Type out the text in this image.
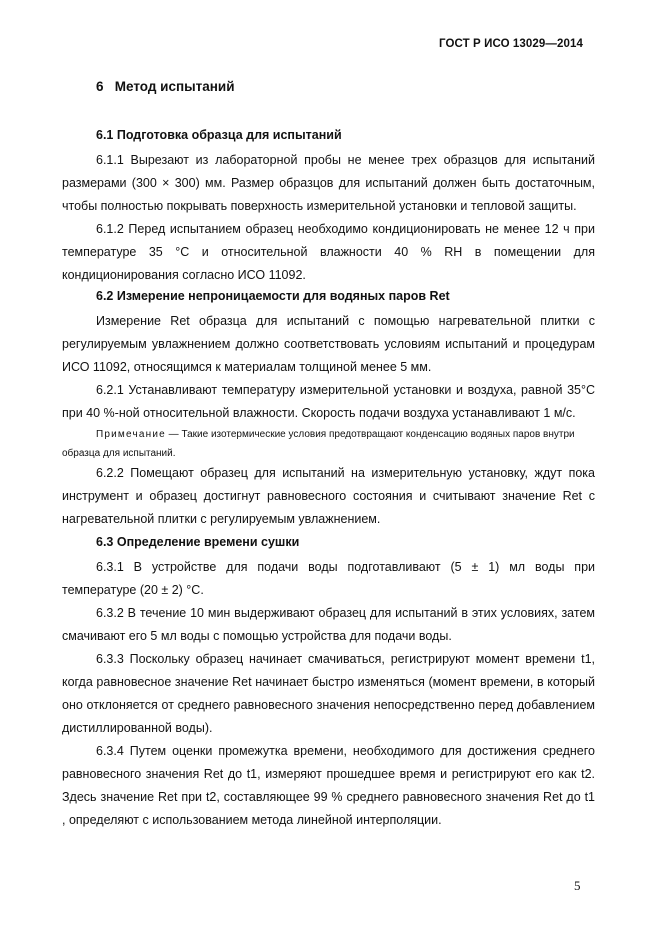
ГОСТ Р ИСО 13029—2014
6   Метод испытаний
6.1 Подготовка образца для испытаний

6.1.1 Вырезают из лабораторной пробы не менее трех образцов для испытаний размерами (300 × 300) мм. Размер образцов для испытаний должен быть достаточным, чтобы полностью покрывать поверхность измерительной установки и тепловой защиты.

6.1.2 Перед испытанием образец необходимо кондиционировать не менее 12 ч при температуре 35 °С и относительной влажности 40 % RH в помещении для кондиционирования согласно ИСО 11092.

6.2 Измерение непроницаемости для водяных паров Ret

Измерение Ret образца для испытаний с помощью нагревательной плитки с регулируемым увлажнением должно соответствовать условиям испытаний и процедурам ИСО 11092, относящимся к материалам толщиной менее 5 мм.

6.2.1 Устанавливают температуру измерительной установки и воздуха, равной 35°С при 40 %-ной относительной влажности. Скорость подачи воздуха устанавливают 1 м/с.

Примечание — Такие изотермические условия предотвращают конденсацию водяных паров внутри образца для испытаний.

6.2.2 Помещают образец для испытаний на измерительную установку, ждут пока инструмент и образец достигнут равновесного состояния и считывают значение Ret с нагревательной плитки с регулируемым увлажнением.

6.3 Определение времени сушки

6.3.1 В устройстве для подачи воды подготавливают (5 ± 1) мл воды при температуре (20 ± 2) °С.

6.3.2 В течение 10 мин выдерживают образец для испытаний в этих условиях, затем смачивают его 5 мл воды с помощью устройства для подачи воды.

6.3.3 Поскольку образец начинает смачиваться, регистрируют момент времени t1, когда равновесное значение Ret начинает быстро изменяться (момент времени, в который оно отклоняется от среднего равновесного значения непосредственно перед добавлением дистиллированной воды).

6.3.4 Путем оценки промежутка времени, необходимого для достижения среднего равновесного значения Ret до t1, измеряют прошедшее время и регистрируют его как t2. Здесь значение Ret при t2, составляющее 99 % среднего равновесного значения Ret до t1 , определяют с использованием метода линейной интерполяции.

5
